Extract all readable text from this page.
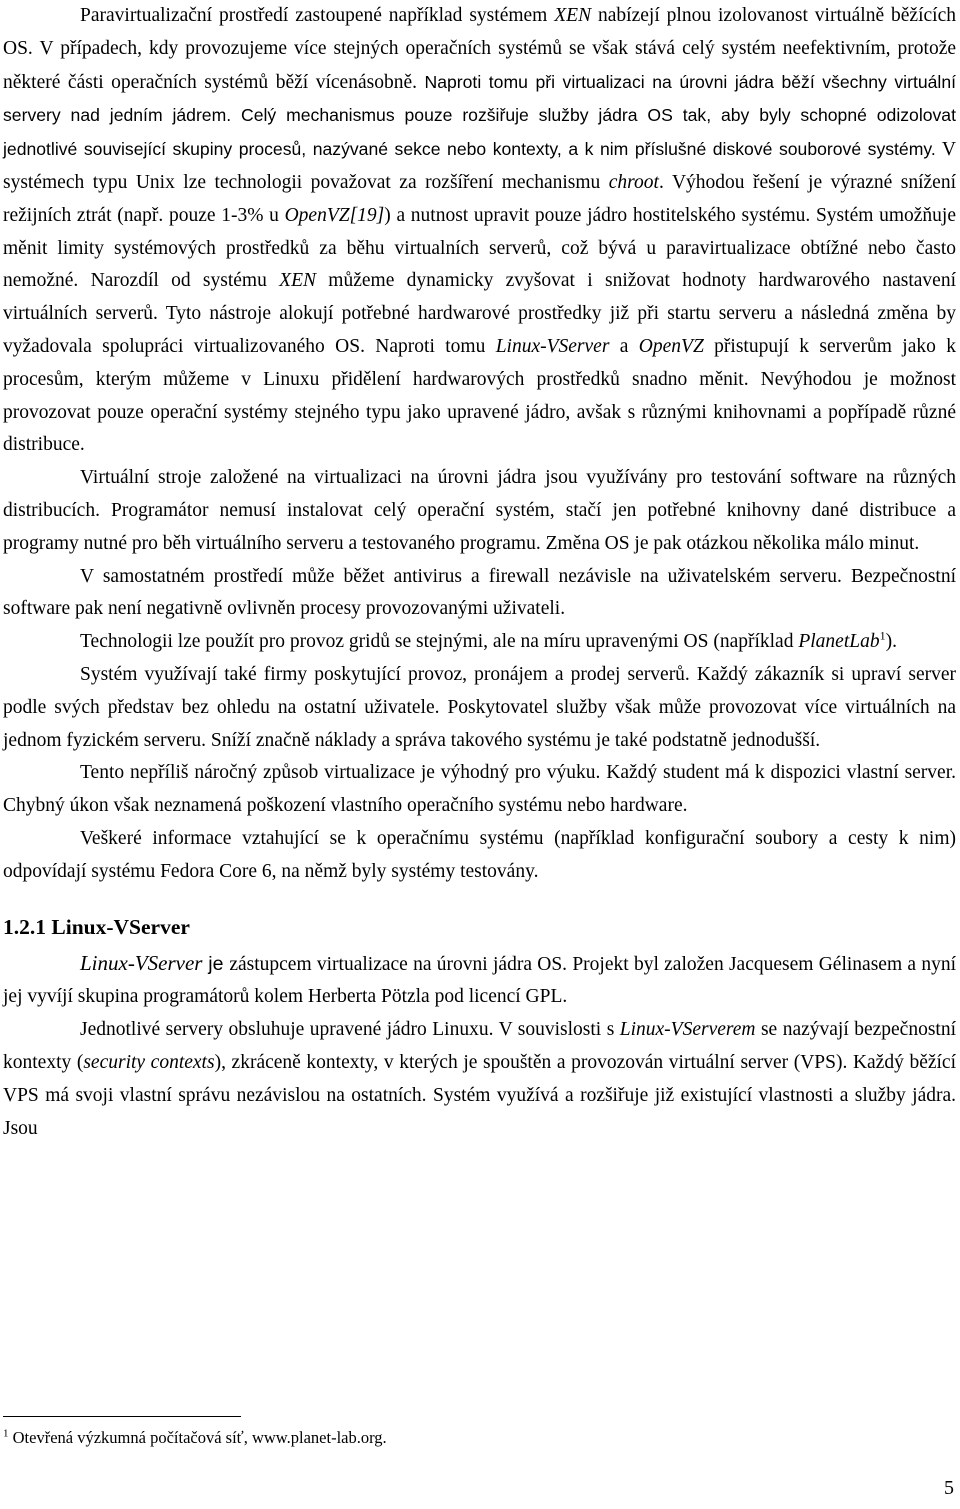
Paravirtualizační prostředí zastoupené například systémem XEN nabízejí plnou izolovanost virtuálně běžících OS. V případech, kdy provozujeme více stejných operačních systémů se však stává celý systém neefektivním, protože některé části operačních systémů běží vícenásobně. Naproti tomu při virtualizaci na úrovni jádra běží všechny virtuální servery nad jedním jádrem. Celý mechanismus pouze rozšiřuje služby jádra OS tak, aby byly schopné odizolovat jednotlivé související skupiny procesů, nazývané sekce nebo kontexty, a k nim příslušné diskové souborové systémy. V systémech typu Unix lze technologii považovat za rozšíření mechanismu chroot. Výhodou řešení je výrazné snížení režijních ztrát (např. pouze 1-3% u OpenVZ[19]) a nutnost upravit pouze jádro hostitelského systému. Systém umožňuje měnit limity systémových prostředků za běhu virtualních serverů, což bývá u paravirtualizace obtížné nebo často nemožné. Narozdíl od systému XEN můžeme dynamicky zvyšovat i snižovat hodnoty hardwarového nastavení virtuálních serverů. Tyto nástroje alokují potřebné hardwarové prostředky již při startu serveru a následná změna by vyžadovala spolupráci virtualizovaného OS. Naproti tomu Linux-VServer a OpenVZ přistupují k serverům jako k procesům, kterým můžeme v Linuxu přidělení hardwarových prostředků snadno měnit. Nevýhodou je možnost provozovat pouze operační systémy stejného typu jako upravené jádro, avšak s různými knihovnami a popřípadě různé distribuce.

Virtuální stroje založené na virtualizaci na úrovni jádra jsou využívány pro testování software na různých distribucích. Programátor nemusí instalovat celý operační systém, stačí jen potřebné knihovny dané distribuce a programy nutné pro běh virtuálního serveru a testovaného programu. Změna OS je pak otázkou několika málo minut.

V samostatném prostředí může běžet antivirus a firewall nezávisle na uživatelském serveru. Bezpečnostní software pak není negativně ovlivněn procesy provozovanými uživateli.

Technologii lze použít pro provoz gridů se stejnými, ale na míru upravenými OS (například PlanetLab$^1$).

Systém využívají také firmy poskytující provoz, pronájem a prodej serverů. Každý zákazník si upraví server podle svých představ bez ohledu na ostatní uživatele. Poskytovatel služby však může provozovat více virtuálních na jednom fyzickém serveru. Sníží značně náklady a správa takového systému je také podstatně jednodušší.

Tento nepříliš náročný způsob virtualizace je výhodný pro výuku. Každý student má k dispozici vlastní server. Chybný úkon však neznamená poškození vlastního operačního systému nebo hardware.

Veškeré informace vztahující se k operačnímu systému (například konfigurační soubory a cesty k nim) odpovídají systému Fedora Core 6, na němž byly systémy testovány.

1.2.1 Linux-VServer

Linux-VServer je zástupcem virtualizace na úrovni jádra OS. Projekt byl založen Jacquesem Gélinasem a nyní jej vyvíjí skupina programátorů kolem Herberta Pötzla pod licencí GPL.

Jednotlivé servery obsluhuje upravené jádro Linuxu. V souvislosti s Linux-VServerem se nazývají bezpečnostní kontexty (security contexts), zkráceně kontexty, v kterých je spouštěn a provozován virtuální server (VPS). Každý běžící VPS má svoji vlastní správu nezávislou na ostatních. Systém využívá a rozšiřuje již existující vlastnosti a služby jádra. Jsou

$^1$ Otevřená výzkumná počítačová síť, www.planet-lab.org.
5
